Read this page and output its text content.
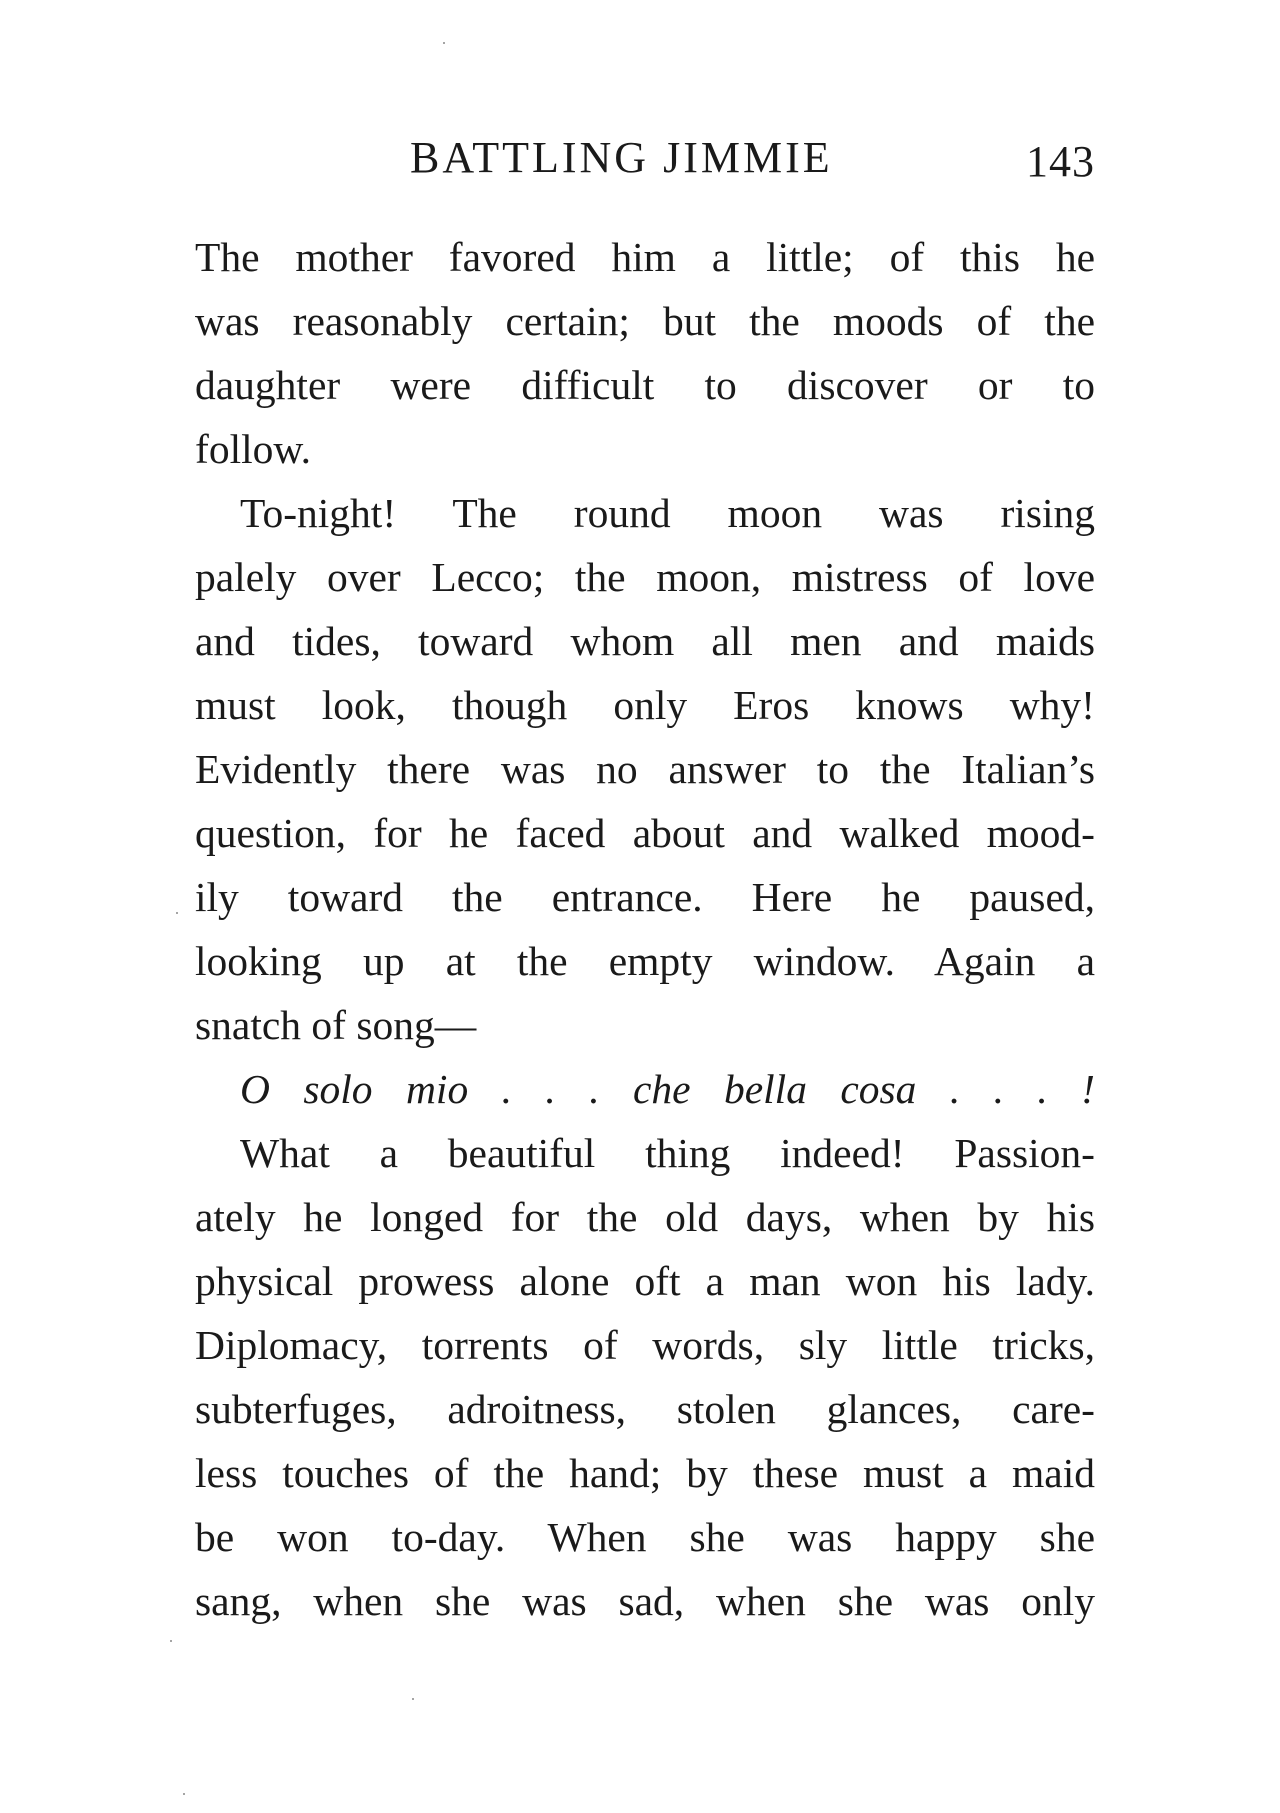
BATTLING JIMMIE	143
The mother favored him a little; of this he
was reasonably certain; but the moods of the
daughter were difficult to discover or to
follow.
To-night! The round moon was rising
palely over Lecco; the moon, mistress of love
and tides, toward whom all men and maids
must look, though only Eros knows why!
Evidently there was no answer to the Italian’s
question, for he faced about and walked mood-
ily toward the entrance. Here he paused,
looking up at the empty window. Again a
snatch of song—
O solo mio . . . che bella cosa . . . !
What a beautiful thing indeed! Passion-
ately he longed for the old days, when by his
physical prowess alone oft a man won his lady.
Diplomacy, torrents of words, sly little tricks,
subterfuges, adroitness, stolen glances, care-
less touches of the hand; by these must a maid
be won to-day. When she was happy she
sang, when she was sad, when she was only
